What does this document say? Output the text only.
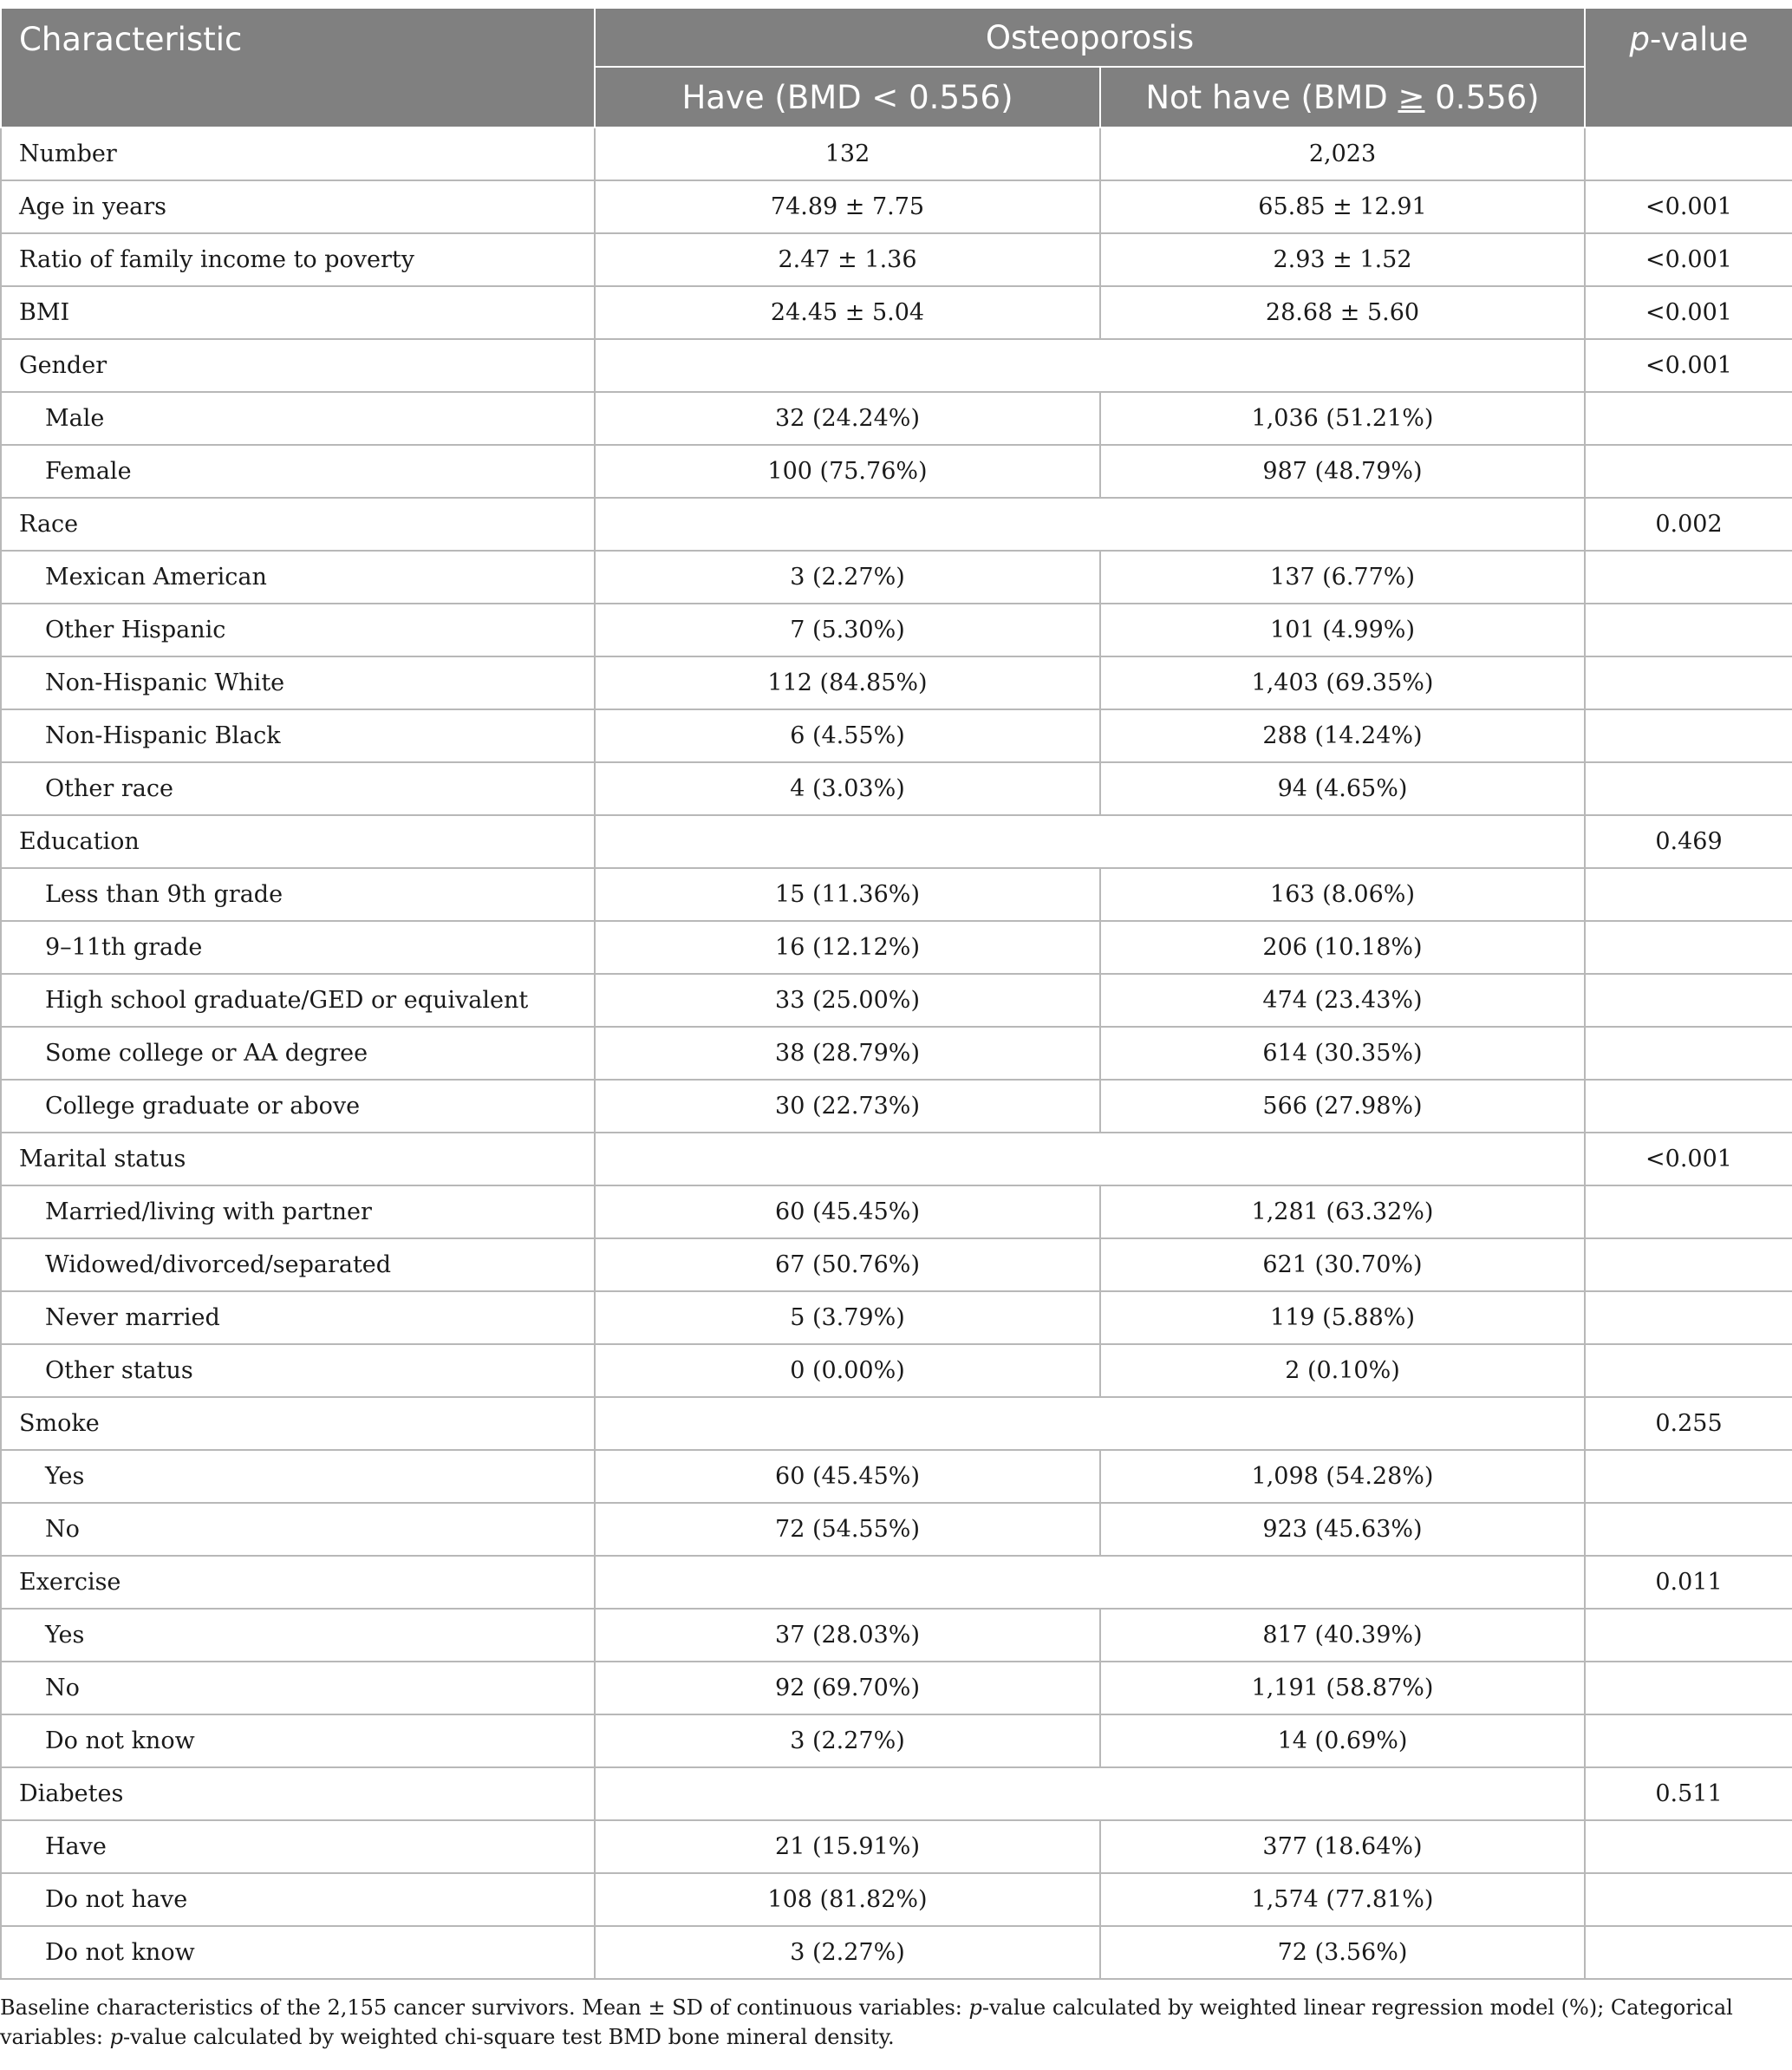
Characteristic	Osteoporosis		p-value
	Have (BMD < 0.556)	Not have (BMD ≥ 0.556)	
Number	132	2,023	
Age in years	74.89 ± 7.75	65.85 ± 12.91	<0.001
Ratio of family income to poverty	2.47 ± 1.36	2.93 ± 1.52	<0.001
BMI	24.45 ± 5.04	28.68 ± 5.60	<0.001
Gender			<0.001
Male	32 (24.24%)	1,036 (51.21%)	
Female	100 (75.76%)	987 (48.79%)	
Race			0.002
Mexican American	3 (2.27%)	137 (6.77%)	
Other Hispanic	7 (5.30%)	101 (4.99%)	
Non-Hispanic White	112 (84.85%)	1,403 (69.35%)	
Non-Hispanic Black	6 (4.55%)	288 (14.24%)	
Other race	4 (3.03%)	94 (4.65%)	
Education			0.469
Less than 9th grade	15 (11.36%)	163 (8.06%)	
9–11th grade	16 (12.12%)	206 (10.18%)	
High school graduate/GED or equivalent	33 (25.00%)	474 (23.43%)	
Some college or AA degree	38 (28.79%)	614 (30.35%)	
College graduate or above	30 (22.73%)	566 (27.98%)	
Marital status			<0.001
Married/living with partner	60 (45.45%)	1,281 (63.32%)	
Widowed/divorced/separated	67 (50.76%)	621 (30.70%)	
Never married	5 (3.79%)	119 (5.88%)	
Other status	0 (0.00%)	2 (0.10%)	
Smoke			0.255
Yes	60 (45.45%)	1,098 (54.28%)	
No	72 (54.55%)	923 (45.63%)	
Exercise			0.011
Yes	37 (28.03%)	817 (40.39%)	
No	92 (69.70%)	1,191 (58.87%)	
Do not know	3 (2.27%)	14 (0.69%)	
Diabetes			0.511
Have	21 (15.91%)	377 (18.64%)	
Do not have	108 (81.82%)	1,574 (77.81%)	
Do not know	3 (2.27%)	72 (3.56%)	
Baseline characteristics of the 2,155 cancer survivors. Mean ± SD of continuous variables: p-value calculated by weighted linear regression model (%); Categorical variables: p-value calculated by weighted chi-square test BMD bone mineral density.
